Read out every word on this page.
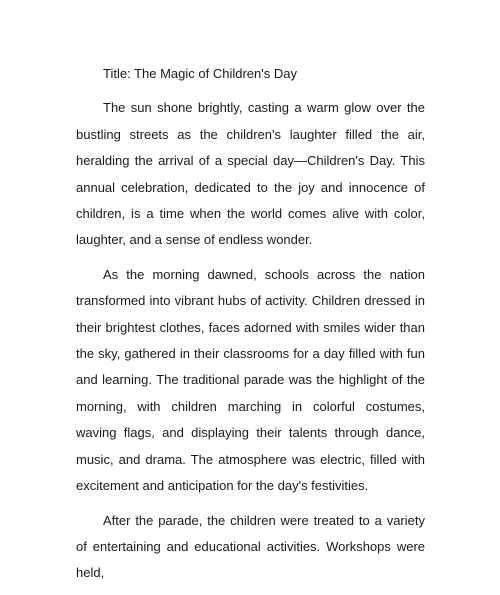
Title: The Magic of Children's Day

The sun shone brightly, casting a warm glow over the bustling streets as the children's laughter filled the air, heralding the arrival of a special day—Children's Day. This annual celebration, dedicated to the joy and innocence of children, is a time when the world comes alive with color, laughter, and a sense of endless wonder.

As the morning dawned, schools across the nation transformed into vibrant hubs of activity. Children dressed in their brightest clothes, faces adorned with smiles wider than the sky, gathered in their classrooms for a day filled with fun and learning. The traditional parade was the highlight of the morning, with children marching in colorful costumes, waving flags, and displaying their talents through dance, music, and drama. The atmosphere was electric, filled with excitement and anticipation for the day's festivities.

After the parade, the children were treated to a variety of entertaining and educational activities. Workshops were held,
